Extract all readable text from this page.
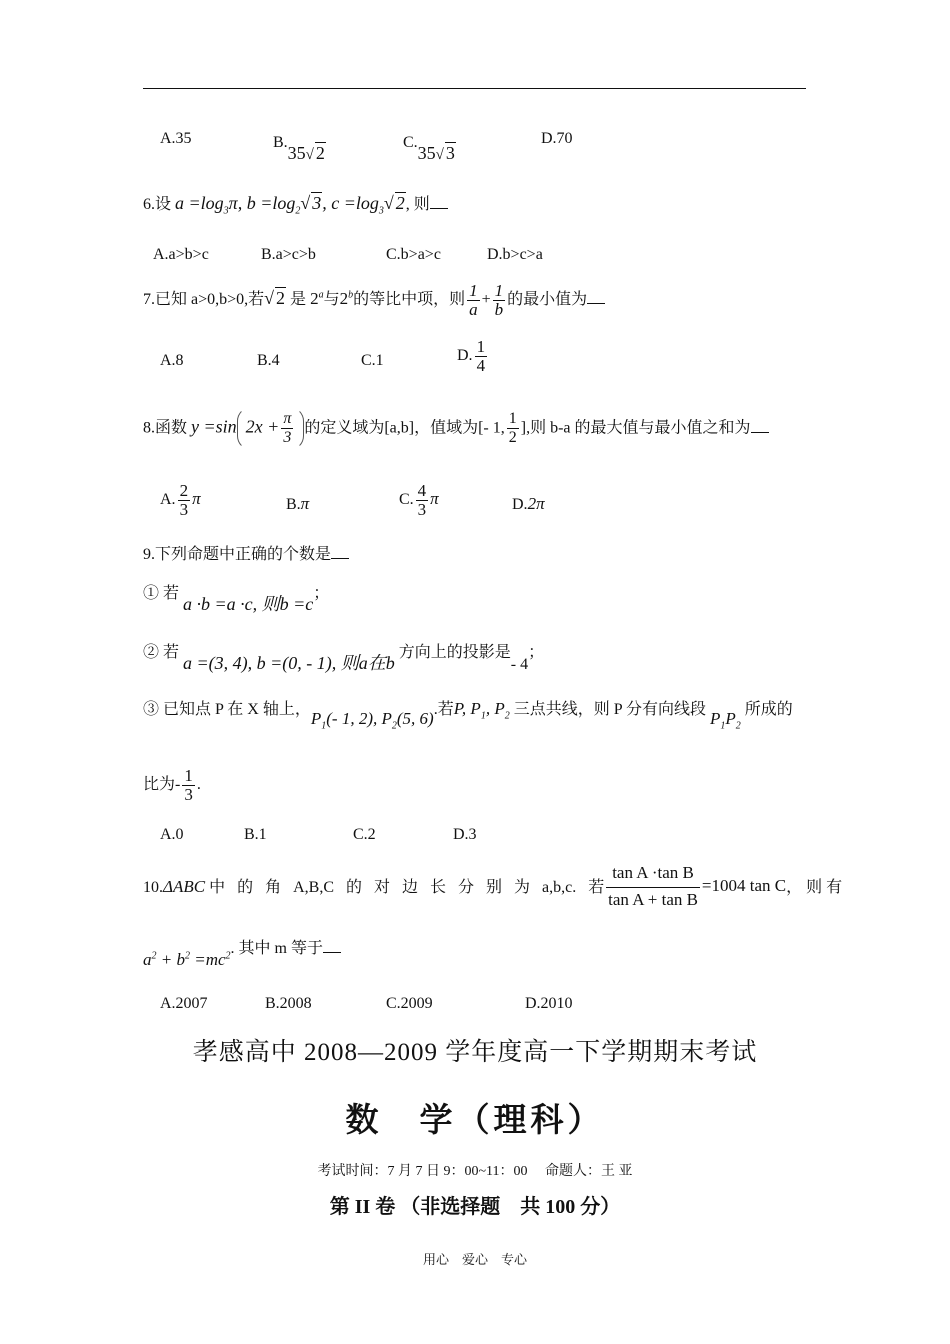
A.35	B.35√ 2
C.35√ 3
D.70
6.设 $a =\log_3\pi$, $b =\log_2√$ 3, $c =\log_3√$ 2, 则
A.a>b>c	B.a>c>b	C.b>a>c	D.b>c>a
7.已知 a>0,b>0,若√ 2 是 2$^a$与2$^b$的等比中项，则 $\frac{1}{a} + \frac{1}{b}$ 的最小值为
A.8	B.4	C.1	D. $\frac{1}{4}$
8.函数 y =sin $2x + \frac{\pi}{3}$ 的定义域为[a,b]，值域为[- 1, $\frac{1}{2}$ ],则 b-a 的最大值与最小值之和为
A. $\frac{2}{3}$ π	B.π	C. $\frac{4}{3}$ π	D.2π
9.下列命题中正确的个数是
① 若 a ·b =a ·c, 则b =c；
② 若 a =(3, 4), b =(0, - 1), 则a在b 方向上的投影是- 4；
③ 已知点 P 在 X 轴上，$P_1(-$ 1, 2), $P_2(5$, 6).若P, $P_1$, $P_2$ 三点共线，则 P 分有向线段 $P_1P_2$ 所成的
比为- $\frac{1}{3}$ .
A.0	B.1	C.2	D.3
10.ΔABC 中 的 角 A,B,C 的 对 边 长 分 别 为 a,b,c. 若 $\frac{\text{tan A ·tan B}}{\text{tan A + tan B}} =1004$ tan C ， 则 有
$a^2 + b^2 =mc^2$. 其中 m 等于
A.2007	B.2008	C.2009	D.2010
孝感高中 2008—2009 学年度高一下学期期末考试
数　学（理科）
考试时间：7 月 7 日 9：00~11：00　 命题人：王 亚
第 II 卷 （非选择题　共 100 分）
用心　爱心　专心
